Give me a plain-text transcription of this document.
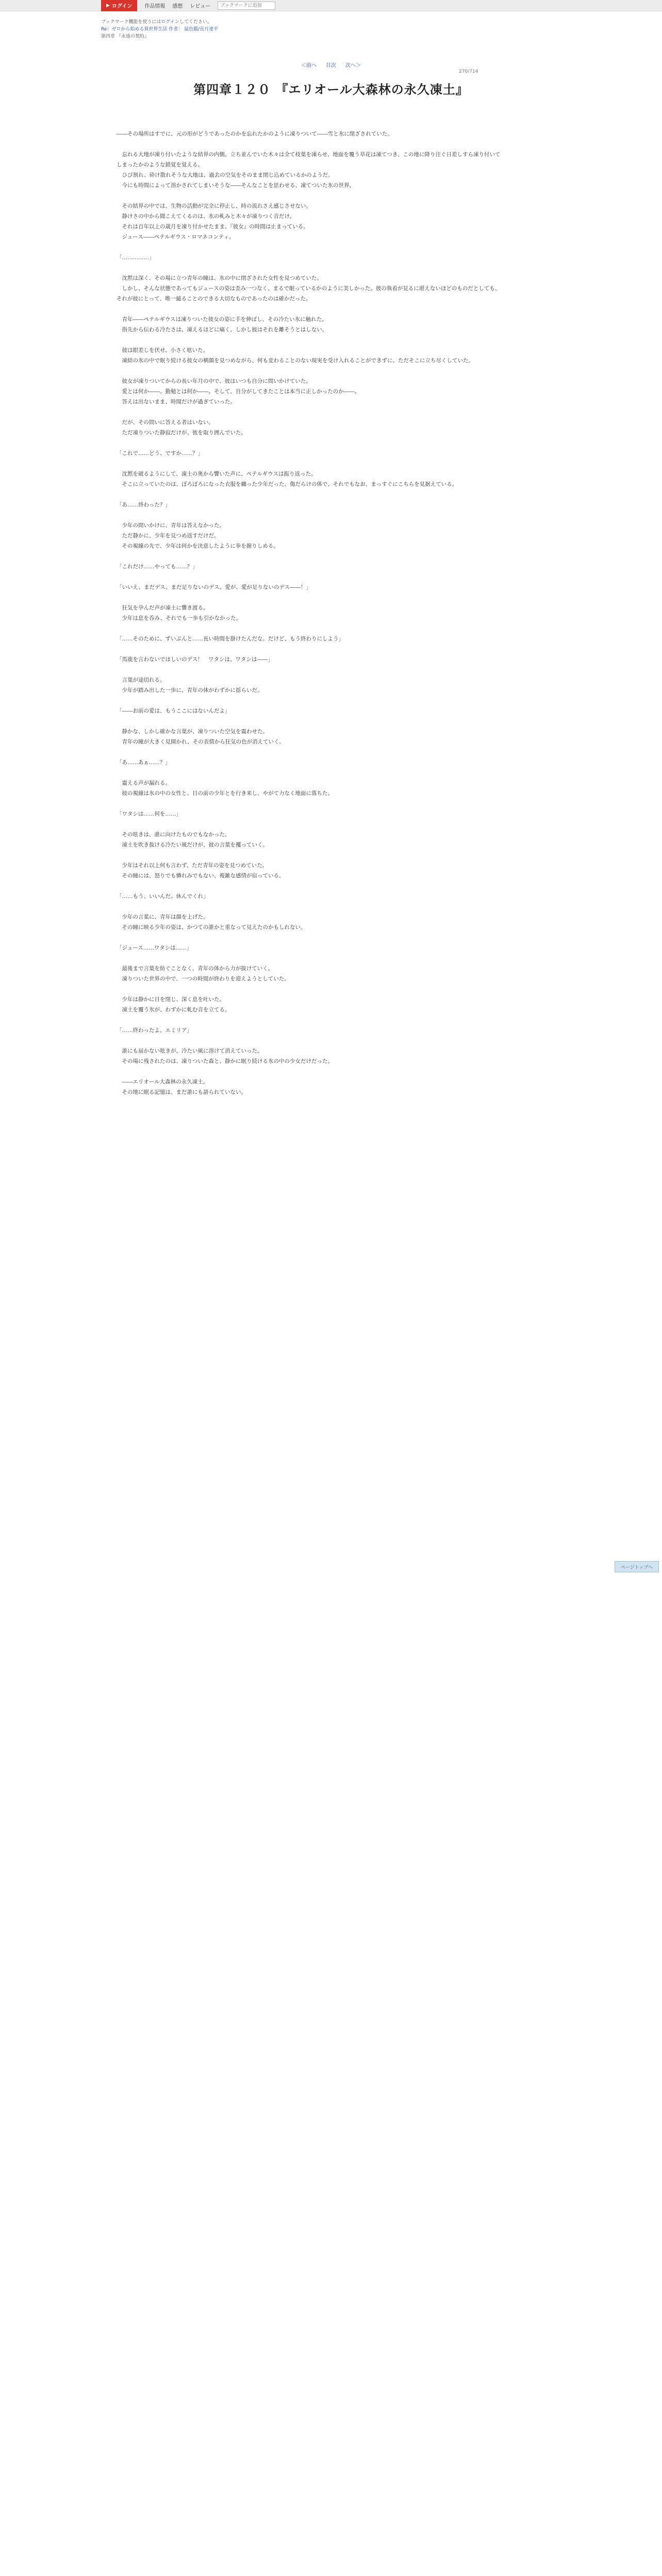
▶ ログイン 作品情報 感想 レビュー
ブックマークに追加
ブックマーク機能を使うにはログインしてください。
Re：ゼロから始める異世界生活 作者： 鼠色猫/長月達平
第四章 『永遠の契約』
＜前へ 目次 次へ＞
270/714
第四章１２０ 『エリオール大森林の永久凍土』

――その場所はすでに、元の形がどうであったのかを忘れたかのように凍りついて――雪と氷に閉ざされていた。

　忘れる大地が凍り付いたような結界の内側。立ち並んでいた木々は全て枝葉を凍らせ、地面を覆う草花は凍てつき、この地に降り注ぐ日差しすら凍り付いてしまったかのような錯覚を覚える。
　ひび割れ、砕け散れそうな大地は、過去の空気をそのまま閉じ込めているかのようだ。
　今にも時間によって溶かされてしまいそうな――そんなことを思わせる、凍てついた氷の世界。

　その結界の中では、生物の活動が完全に停止し、時の流れさえ感じさせない。
　静けさの中から聞こえてくるのは、氷の軋みと木々が凍りつく音だけ。
　それは百年以上の歳月を凍り付かせたまま、『彼女』の時間は止まっている。
　ジュース――ペテルギウス・ロマネコンティ。

「……………」

　沈黙は深く、その場に立つ青年の瞳は、氷の中に閉ざされた女性を見つめていた。
　しかし、そんな状態であってもジュースの姿は歪み一つなく、まるで眠っているかのように美しかった。彼の執着が見るに堪えないほどのものだとしても、それが彼にとって、唯一縋ることのできる大切なものであったのは確かだった。

　青年――ペテルギウスは凍りついた彼女の姿に手を伸ばし、その冷たい氷に触れた。
　指先から伝わる冷たさは、凍えるほどに痛く、しかし彼はそれを離そうとはしない。

　彼は眼差しを伏せ、小さく呟いた。
　凍結の氷の中で眠り続ける彼女の横顔を見つめながら、何も変わることのない現実を受け入れることができずに、ただそこに立ち尽くしていた。

　彼女が凍りついてからの長い年月の中で、彼はいつも自分に問いかけていた。
　愛とは何か――。勤勉とは何か――。そして、自分がしてきたことは本当に正しかったのか――。
　答えは出ないまま、時間だけが過ぎていった。

　だが、その問いに答える者はいない。
　ただ凍りついた静寂だけが、彼を取り囲んでいた。

「これで……どう、ですか……？」

　沈黙を破るようにして、凍土の奥から響いた声に、ペテルギウスは振り返った。
　そこに立っていたのは、ぼろぼろになった衣服を纏った少年だった。傷だらけの体で、それでもなお、まっすぐにこちらを見据えている。

「あ……終わった？」

　少年の問いかけに、青年は答えなかった。
　ただ静かに、少年を見つめ返すだけだ。
　その視線の先で、少年は何かを決意したように拳を握りしめる。

「これだけ……やっても……？」

「いいえ、まだデス。まだ足りないのデス。愛が、愛が足りないのデス――！」

　狂気を孕んだ声が凍土に響き渡る。
　少年は息を呑み、それでも一歩も引かなかった。

「……そのために、ずいぶんと……長い時間を掛けたんだな。だけど、もう終わりにしよう」

「馬鹿を言わないでほしいのデス！　ワタシは、ワタシは――」

　言葉が途切れる。
　少年が踏み出した一歩に、青年の体がわずかに揺らいだ。

「――お前の愛は、もうここにはないんだよ」

　静かな、しかし確かな言葉が、凍りついた空気を震わせた。
　青年の瞳が大きく見開かれ、その表情から狂気の色が消えていく。

「あ……あぁ……？」

　震える声が漏れる。
　彼の視線は氷の中の女性と、目の前の少年とを行き来し、やがて力なく地面に落ちた。

「ワタシは……何を……」

　その呟きは、誰に向けたものでもなかった。
　凍土を吹き抜ける冷たい風だけが、彼の言葉を攫っていく。

　少年はそれ以上何も言わず、ただ青年の姿を見つめていた。
　その瞳には、怒りでも憐れみでもない、複雑な感情が宿っている。

「……もう、いいんだ。休んでくれ」

　少年の言葉に、青年は顔を上げた。
　その瞳に映る少年の姿は、かつての誰かと重なって見えたのかもしれない。

「ジュース……ワタシは……」

　最後まで言葉を紡ぐことなく、青年の体から力が抜けていく。
　凍りついた世界の中で、一つの時間が終わりを迎えようとしていた。

　少年は静かに目を閉じ、深く息を吐いた。
　凍土を覆う氷が、わずかに軋む音を立てる。

「……終わったよ、エミリア」

　誰にも届かない呟きが、冷たい風に溶けて消えていった。
　その場に残されたのは、凍りついた森と、静かに眠り続ける氷の中の少女だけだった。

　――エリオール大森林の永久凍土。
　その地に眠る記憶は、まだ誰にも語られていない。

ページトップへ
